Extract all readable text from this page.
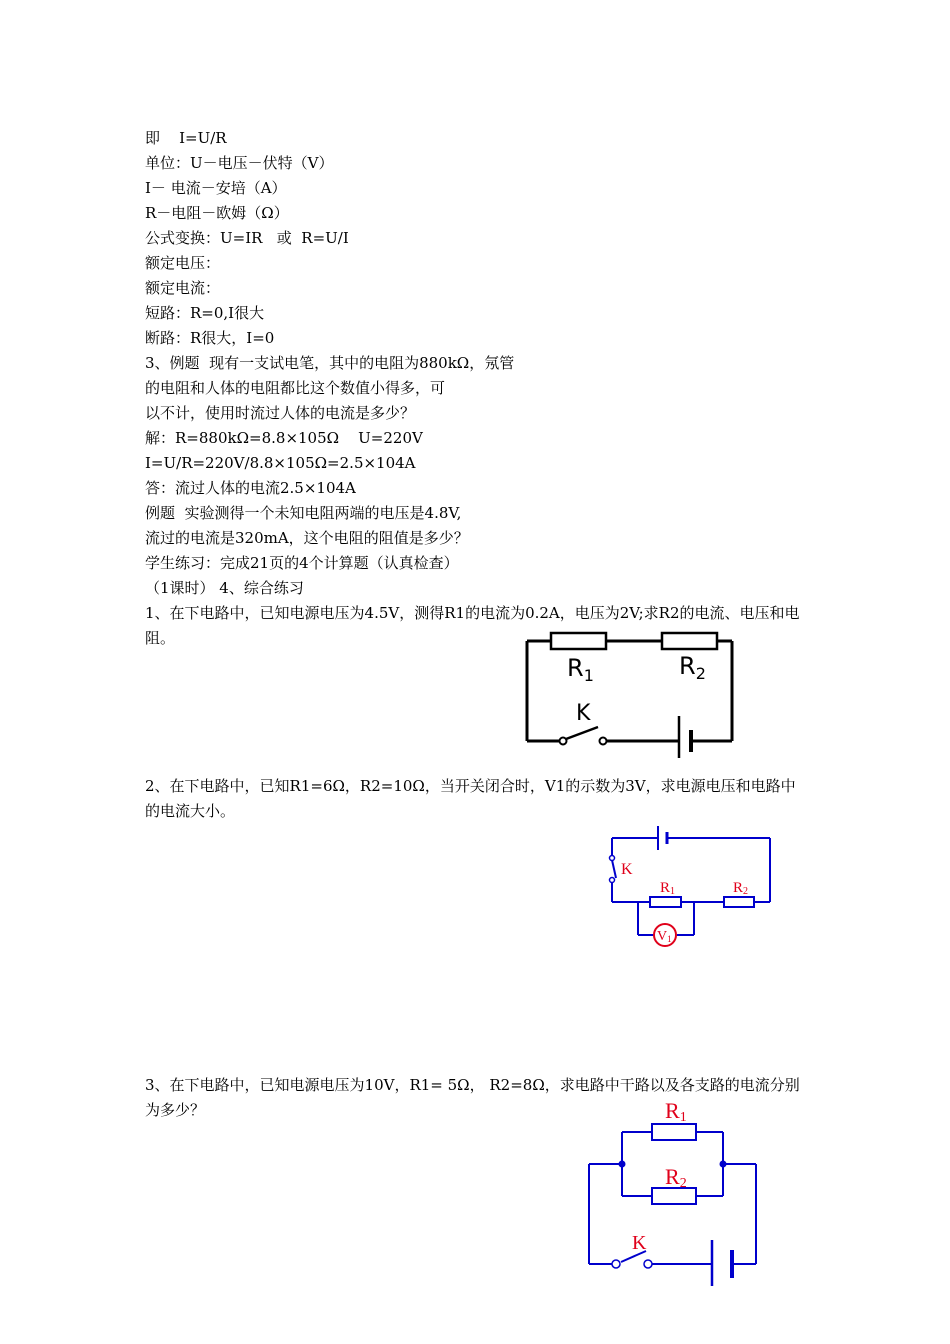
即    I=U/R
单位：U－电压－伏特（V）
I－ 电流－安培（A）
R－电阻－欧姆（Ω）
公式变换：U=IR   或  R=U/I
额定电压：
额定电流：
短路：R=0,I很大
断路：R很大，I=0
3、例题  现有一支试电笔，其中的电阻为880kΩ，氖管
的电阻和人体的电阻都比这个数值小得多，可
以不计，使用时流过人体的电流是多少？
解：R=880kΩ=8.8×105Ω    U=220V
I=U/R=220V/8.8×105Ω=2.5×104A
答：流过人体的电流2.5×104A
例题  实验测得一个未知电阻两端的电压是4.8V,
流过的电流是320mA，这个电阻的阻值是多少？
学生练习：完成21页的4个计算题（认真检查）
（1课时） 4、综合练习
1、在下电路中，已知电源电压为4.5V，测得R1的电流为0.2A，电压为2V;求R2的电流、电压和电阻。
2、在下电路中，已知R1=6Ω，R2=10Ω，当开关闭合时，V1的示数为3V，求电源电压和电路中的电流大小。
3、在下电路中，已知电源电压为10V，R1= 5Ω， R2=8Ω，求电路中干路以及各支路的电流分别为多少？
$R_1$	$R_2$
K
K
R1	R2
V1
R1
R2
K
